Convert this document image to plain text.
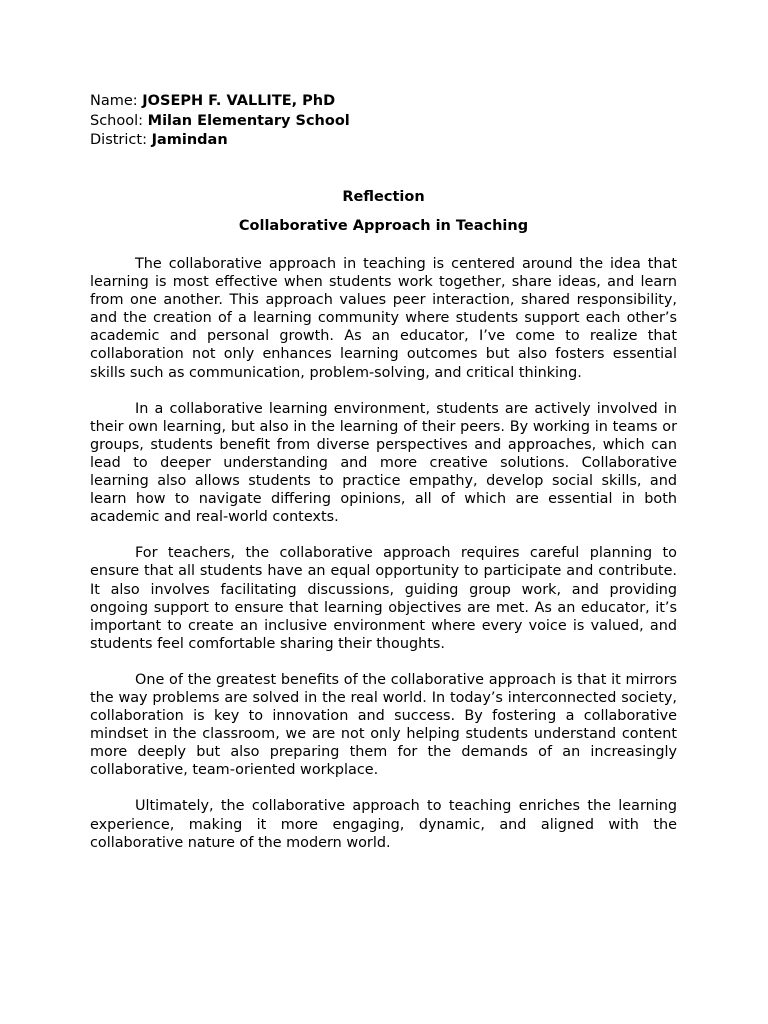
Name: JOSEPH F. VALLITE, PhD
School: Milan Elementary School
District: Jamindan
Reflection
Collaborative Approach in Teaching

The collaborative approach in teaching is centered around the idea that learning is most effective when students work together, share ideas, and learn from one another. This approach values peer interaction, shared responsibility, and the creation of a learning community where students support each other’s academic and personal growth. As an educator, I’ve come to realize that collaboration not only enhances learning outcomes but also fosters essential skills such as communication, problem-solving, and critical thinking.

In a collaborative learning environment, students are actively involved in their own learning, but also in the learning of their peers. By working in teams or groups, students benefit from diverse perspectives and approaches, which can lead to deeper understanding and more creative solutions. Collaborative learning also allows students to practice empathy, develop social skills, and learn how to navigate differing opinions, all of which are essential in both academic and real-world contexts.

For teachers, the collaborative approach requires careful planning to ensure that all students have an equal opportunity to participate and contribute. It also involves facilitating discussions, guiding group work, and providing ongoing support to ensure that learning objectives are met. As an educator, it’s important to create an inclusive environment where every voice is valued, and students feel comfortable sharing their thoughts.

One of the greatest benefits of the collaborative approach is that it mirrors the way problems are solved in the real world. In today’s interconnected society, collaboration is key to innovation and success. By fostering a collaborative mindset in the classroom, we are not only helping students understand content more deeply but also preparing them for the demands of an increasingly collaborative, team-oriented workplace.

Ultimately, the collaborative approach to teaching enriches the learning experience, making it more engaging, dynamic, and aligned with the collaborative nature of the modern world.
